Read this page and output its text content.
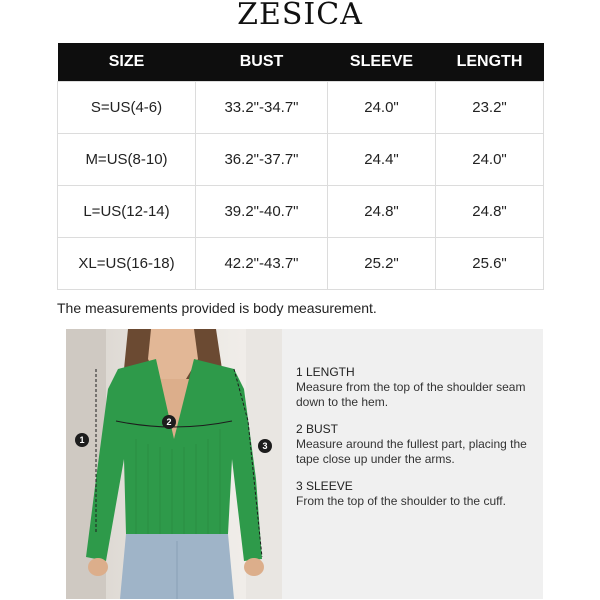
ZESICA
SIZE	BUST	SLEEVE	LENGTH
S=US(4-6)	33.2"-34.7"	24.0"	23.2"
M=US(8-10)	36.2"-37.7"	24.4"	24.0"
L=US(12-14)	39.2"-40.7"	24.8"	24.8"
XL=US(16-18)	42.2"-43.7"	25.2"	25.6"
The measurements provided is body measurement.
1
2
3
1 LENGTH
Measure from the top of the shoulder seam down to the hem.
2 BUST
Measure around the fullest part, placing the tape close up under the arms.
3 SLEEVE
From the top of the shoulder to the cuff.
